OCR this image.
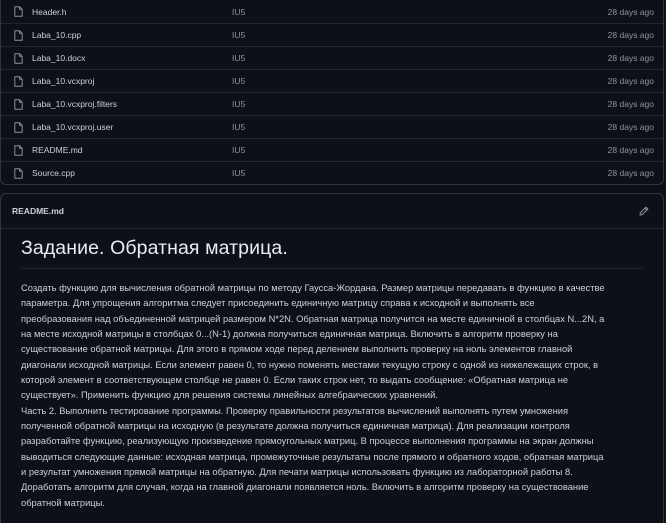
Header.h	IU5	28 days ago
Laba_10.cpp	IU5	28 days ago
Laba_10.docx	IU5	28 days ago
Laba_10.vcxproj	IU5	28 days ago
Laba_10.vcxproj.filters	IU5	28 days ago
Laba_10.vcxproj.user	IU5	28 days ago
README.md	IU5	28 days ago
Source.cpp	IU5	28 days ago
README.md
Задание. Обратная матрица.

Создать функцию для вычисления обратной матрицы по методу Гаусса-Жордана. Размер матрицы передавать в функцию в качестве
параметра. Для упрощения алгоритма следует присоединить единичную матрицу справа к исходной и выполнять все
преобразования над объединенной матрицей размером N*2N. Обратная матрица получится на месте единичной в столбцах N...2N, а
на месте исходной матрицы в столбцах 0...(N-1) должна получиться единичная матрица. Включить в алгоритм проверку на
существование обратной матрицы. Для этого в прямом ходе перед делением выполнить проверку на ноль элементов главной
диагонали исходной матрицы. Если элемент равен 0, то нужно поменять местами текущую строку с одной из нижележащих строк, в
которой элемент в соответствующем столбце не равен 0. Если таких строк нет, то выдать сообщение: «Обратная матрица не
существует». Применить функцию для решения системы линейных алгебраических уравнений.
Часть 2. Выполнить тестирование программы. Проверку правильности результатов вычислений выполнять путем умножения
полученной обратной матрицы на исходную (в результате должна получиться единичная матрица). Для реализации контроля
разработайте функцию, реализующую произведение прямоугольных матриц. В процессе выполнения программы на экран должны
выводиться следующие данные: исходная матрица, промежуточные результаты после прямого и обратного ходов, обратная матрица
и результат умножения прямой матрицы на обратную. Для печати матрицы использовать функцию из лабораторной работы 8.
Доработать алгоритм для случая, когда на главной диагонали появляется ноль. Включить в алгоритм проверку на существование
обратной матрицы.
